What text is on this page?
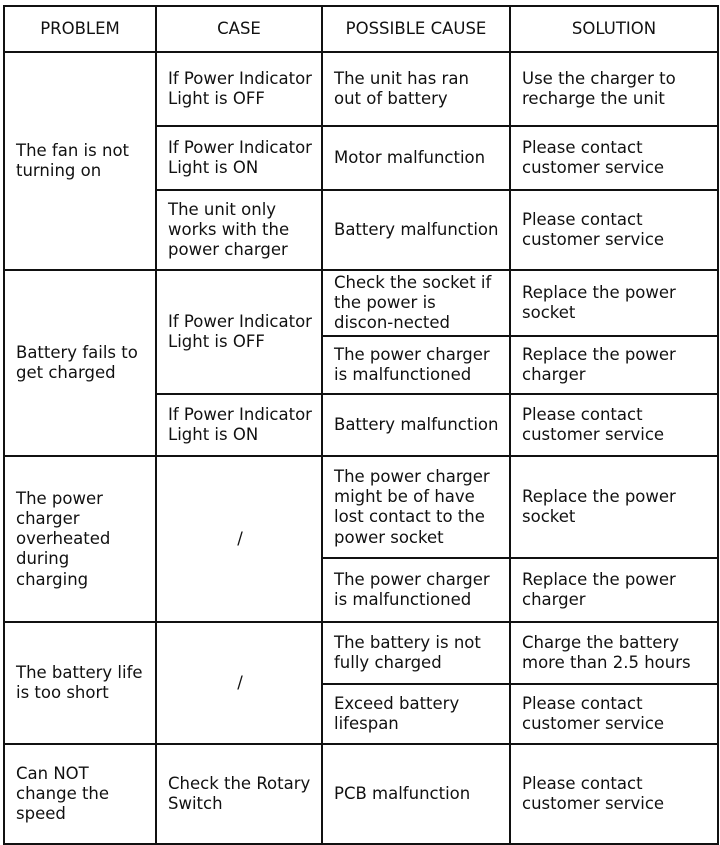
PROBLEM	CASE	POSSIBLE CAUSE	SOLUTION
The fan is not turning on	If Power Indicator Light is OFF	The unit has ran out of battery	Use the charger to recharge the unit
	If Power Indicator Light is ON	Motor malfunction	Please contact customer service
	The unit only works with the power charger	Battery malfunction	Please contact customer service
Battery fails to get charged	If Power Indicator Light is OFF	Check the socket if the power is discon-nected	Replace the power socket
		The power charger is malfunctioned	Replace the power charger
	If Power Indicator Light is ON	Battery malfunction	Please contact customer service
The power charger overheated during charging	/	The power charger might be of have lost contact to the power socket	Replace the power socket
		The power charger is malfunctioned	Replace the power charger
The battery life is too short	/	The battery is not fully charged	Charge the battery more than 2.5 hours
		Exceed battery lifespan	Please contact customer service
Can NOT change the speed	Check the Rotary Switch	PCB malfunction	Please contact customer service
